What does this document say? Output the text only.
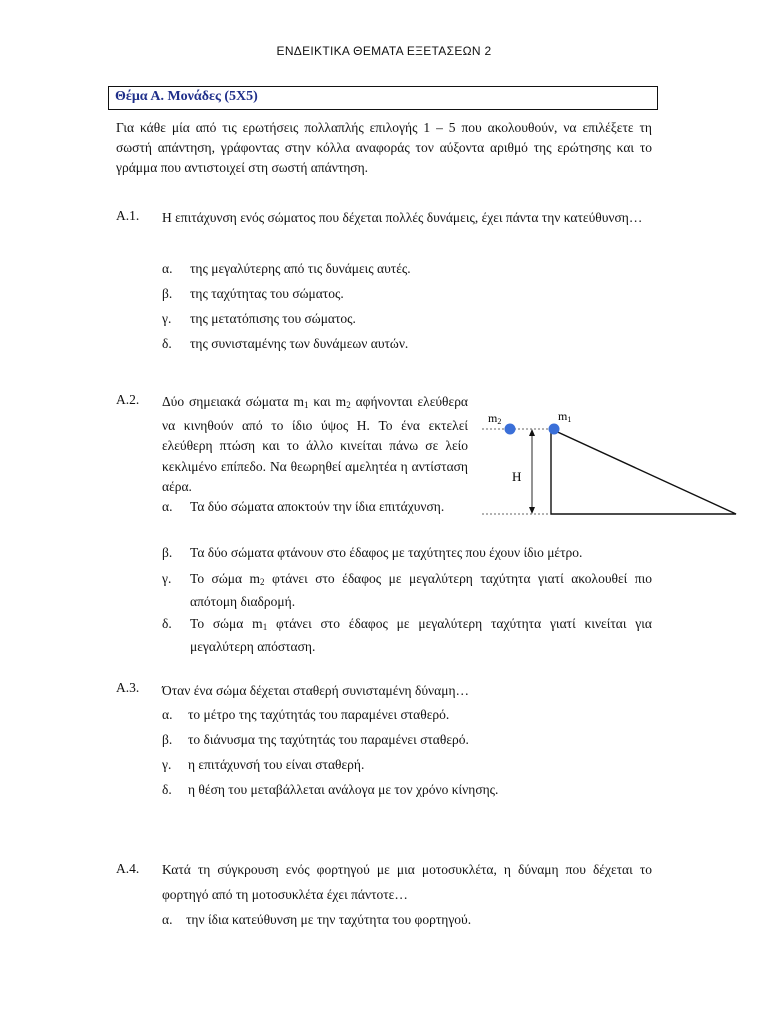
ΕΝΔΕΙΚΤΙΚΑ ΘΕΜΑΤΑ ΕΞΕΤΑΣΕΩΝ 2
Θέμα Α. Μονάδες (5Χ5)
Για κάθε μία από τις ερωτήσεις πολλαπλής επιλογής 1 – 5 που ακολουθούν, να επιλέξετε τη σωστή απάντηση, γράφοντας στην κόλλα αναφοράς τον αύξοντα αριθμό της ερώτησης και το γράμμα που αντιστοιχεί στη σωστή απάντηση.
Α.1. Η επιτάχυνση ενός σώματος που δέχεται πολλές δυνάμεις, έχει πάντα την κατεύθυνση…
α. της μεγαλύτερης από τις δυνάμεις αυτές.
β. της ταχύτητας του σώματος.
γ. της μετατόπισης του σώματος.
δ. της συνισταμένης των δυνάμεων αυτών.
Α.2. Δύο σημειακά σώματα $m_1$ και $m_2$ αφήνονται ελεύθερα να κινηθούν από το ίδιο ύψος H. Το ένα εκτελεί ελεύθερη πτώση και το άλλο κινείται πάνω σε λείο κεκλιμένο επίπεδο. Να θεωρηθεί αμελητέα η αντίσταση αέρα.
α. Τα δύο σώματα αποκτούν την ίδια επιτάχυνση.
β. Τα δύο σώματα φτάνουν στο έδαφος με ταχύτητες που έχουν ίδιο μέτρο.
γ. Το σώμα $m_2$ φτάνει στο έδαφος με μεγαλύτερη ταχύτητα γιατί ακολουθεί πιο απότομη διαδρομή.
δ. Το σώμα $m_1$ φτάνει στο έδαφος με μεγαλύτερη ταχύτητα γιατί κινείται για μεγαλύτερη απόσταση.
m2	m1
H
Α.3. Όταν ένα σώμα δέχεται σταθερή συνισταμένη δύναμη…
α. το μέτρο της ταχύτητάς του παραμένει σταθερό.
β. το διάνυσμα της ταχύτητάς του παραμένει σταθερό.
γ. η επιτάχυνσή του είναι σταθερή.
δ. η θέση του μεταβάλλεται ανάλογα με τον χρόνο κίνησης.
Α.4. Κατά τη σύγκρουση ενός φορτηγού με μια μοτοσυκλέτα, η δύναμη που δέχεται το φορτηγό από τη μοτοσυκλέτα έχει πάντοτε…
α. την ίδια κατεύθυνση με την ταχύτητα του φορτηγού.
